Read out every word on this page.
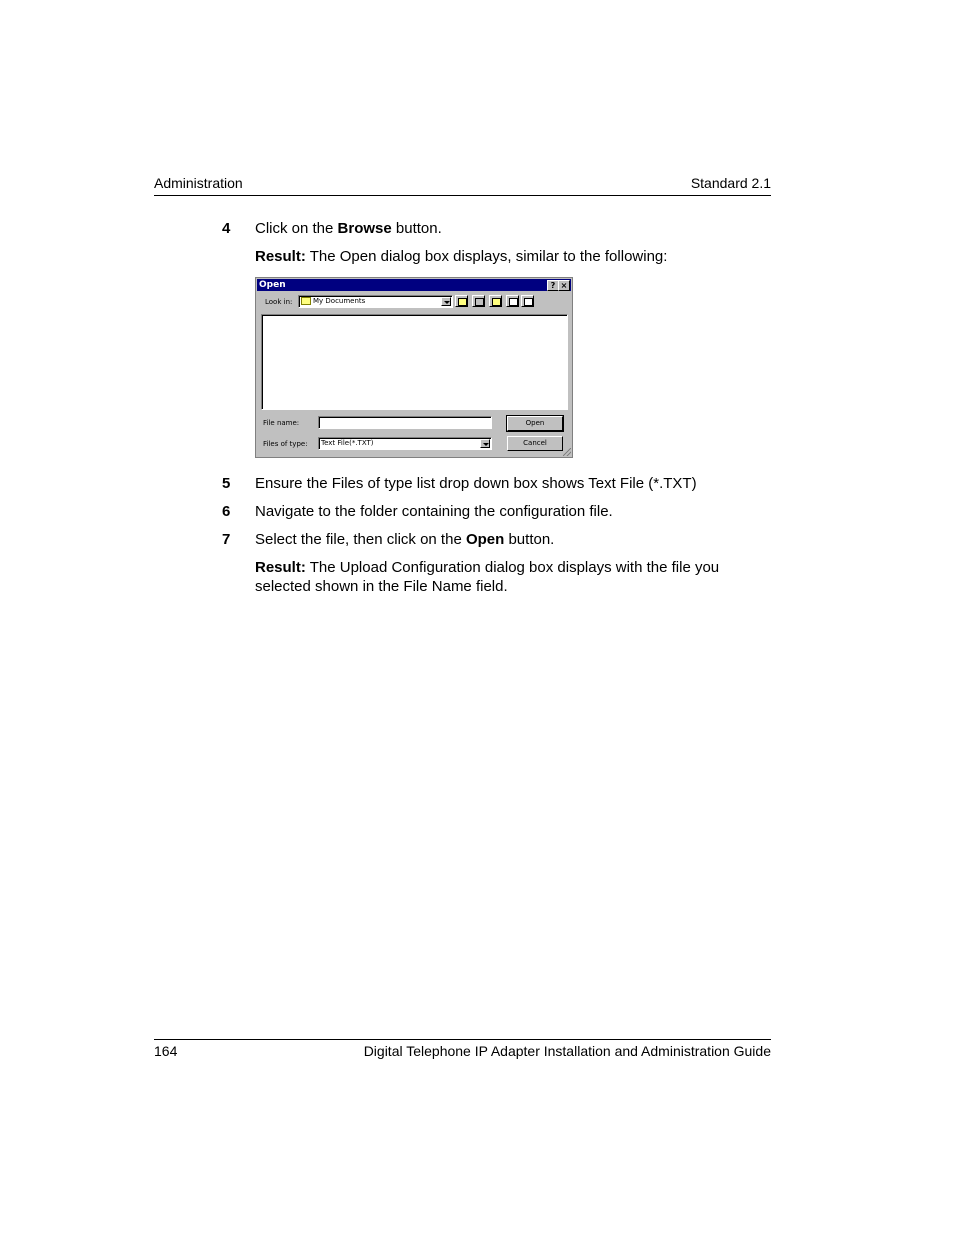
Administration	Standard 2.1
4 Click on the Browse button.
Result: The Open dialog box displays, similar to the following:
Open	? ×
Look in:	My Documents
File name:
Files of type:	Text File(*.TXT)
Open
Cancel
5 Ensure the Files of type list drop down box shows Text File (*.TXT)
6 Navigate to the folder containing the configuration file.
7 Select the file, then click on the Open button.
Result: The Upload Configuration dialog box displays with the file you selected shown in the File Name field.
164	Digital Telephone IP Adapter Installation and Administration Guide
